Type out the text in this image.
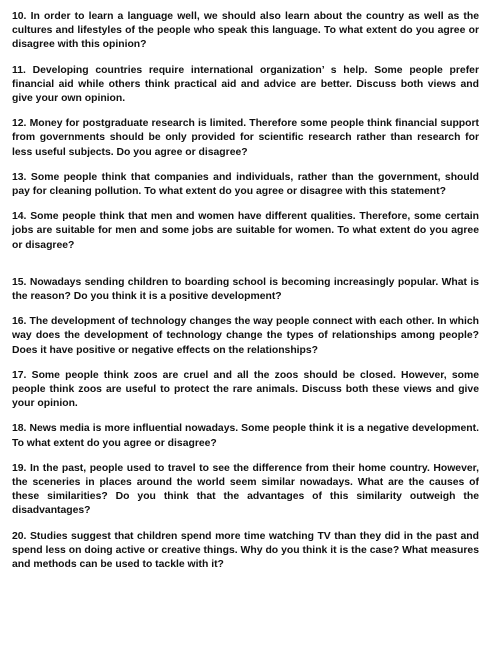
10. In order to learn a language well, we should also learn about the country as well as the cultures and lifestyles of the people who speak this language. To what extent do you agree or disagree with this opinion?

11. Developing countries require international organization’ s help. Some people prefer financial aid while others think practical aid and advice are better. Discuss both views and give your own opinion.

12. Money for postgraduate research is limited. Therefore some people think financial support from governments should be only provided for scientific research rather than research for less useful subjects. Do you agree or disagree?

13. Some people think that companies and individuals, rather than the government, should pay for cleaning pollution. To what extent do you agree or disagree with this statement?

14. Some people think that men and women have different qualities. Therefore, some certain jobs are suitable for men and some jobs are suitable for women. To what extent do you agree or disagree?

15. Nowadays sending children to boarding school is becoming increasingly popular. What is the reason? Do you think it is a positive development?

16. The development of technology changes the way people connect with each other. In which way does the development of technology change the types of relationships among people? Does it have positive or negative effects on the relationships?

17. Some people think zoos are cruel and all the zoos should be closed. However, some people think zoos are useful to protect the rare animals. Discuss both these views and give your opinion.

18. News media is more influential nowadays. Some people think it is a negative development. To what extent do you agree or disagree?

19. In the past, people used to travel to see the difference from their home country. However, the sceneries in places around the world seem similar nowadays. What are the causes of these similarities? Do you think that the advantages of this similarity outweigh the disadvantages?

20. Studies suggest that children spend more time watching TV than they did in the past and spend less on doing active or creative things. Why do you think it is the case? What measures and methods can be used to tackle with it?
